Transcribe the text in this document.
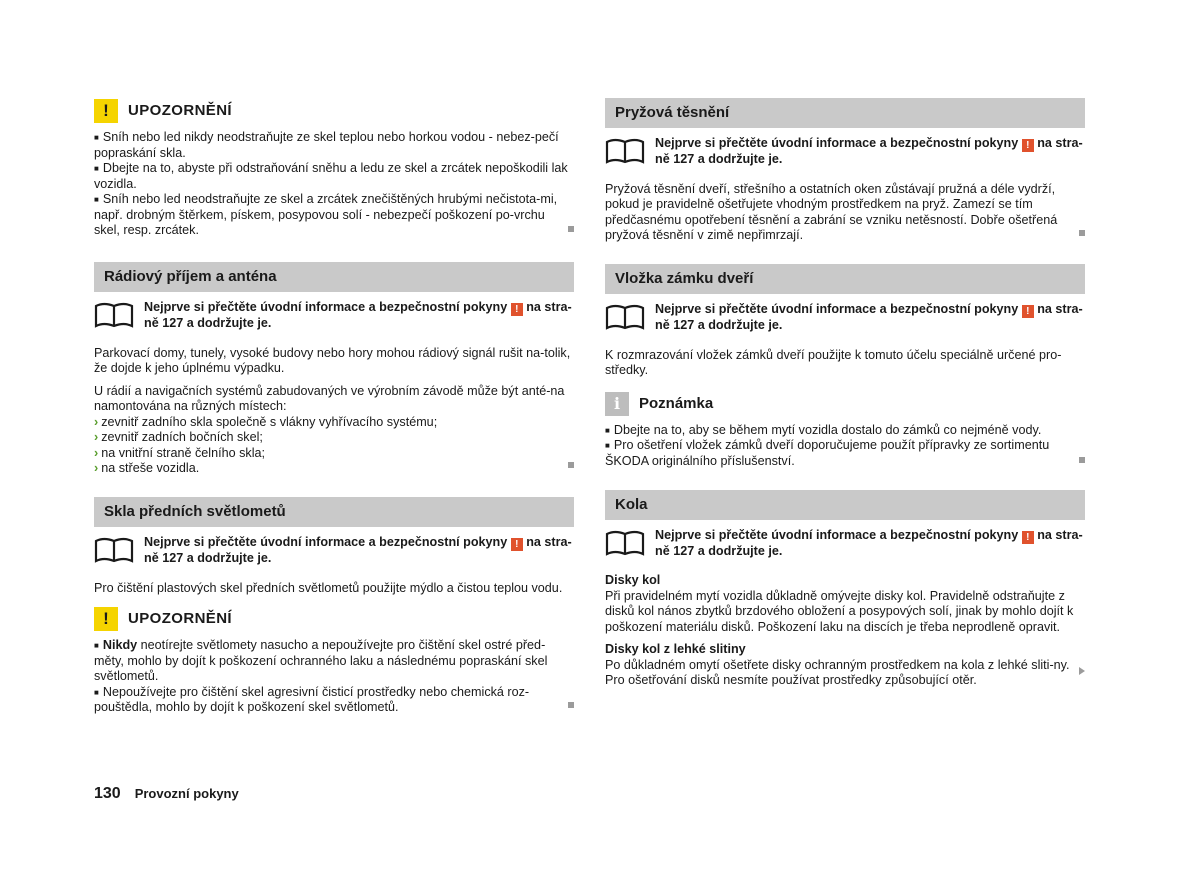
!	UPOZORNĚNÍ

■ Sníh nebo led nikdy neodstraňujte ze skel teplou nebo horkou vodou - nebez-pečí popraskání skla.

■ Dbejte na to, abyste při odstraňování sněhu a ledu ze skel a zrcátek nepoškodili lak vozidla.

■ Sníh nebo led neodstraňujte ze skel a zrcátek znečištěných hrubými nečistota-mi, např. drobným štěrkem, pískem, posypovou solí - nebezpečí poškození po-vrchu skel, resp. zrcátek.

Rádiový příjem a anténa
Nejprve si přečtěte úvodní informace a bezpečnostní pokyny ! na stra-
ně 127 a dodržujte je.

Parkovací domy, tunely, vysoké budovy nebo hory mohou rádiový signál rušit na-tolik, že dojde k jeho úplnému výpadku.

U rádií a navigačních systémů zabudovaných ve výrobním závodě může být anté-na namontována na různých místech:

› zevnitř zadního skla společně s vlákny vyhřívacího systému;
› zevnitř zadních bočních skel;
› na vnitřní straně čelního skla;
› na střeše vozidla.
Skla předních světlometů
Nejprve si přečtěte úvodní informace a bezpečnostní pokyny ! na stra-
ně 127 a dodržujte je.

Pro čištění plastových skel předních světlometů použijte mýdlo a čistou teplou vodu.

!	UPOZORNĚNÍ

■ Nikdy neotírejte světlomety nasucho a nepoužívejte pro čištění skel ostré před-měty, mohlo by dojít k poškození ochranného laku a následnému popraskání skel světlometů.

■ Nepoužívejte pro čištění skel agresivní čisticí prostředky nebo chemická roz-pouštědla, mohlo by dojít k poškození skel světlometů.

Pryžová těsnění
Nejprve si přečtěte úvodní informace a bezpečnostní pokyny ! na stra-
ně 127 a dodržujte je.

Pryžová těsnění dveří, střešního a ostatních oken zůstávají pružná a déle vydrží, pokud je pravidelně ošetřujete vhodným prostředkem na pryž. Zamezí se tím předčasnému opotřebení těsnění a zabrání se vzniku netěsností. Dobře ošetřená pryžová těsnění v zimě nepřimrzají.

Vložka zámku dveří
Nejprve si přečtěte úvodní informace a bezpečnostní pokyny ! na stra-
ně 127 a dodržujte je.

K rozmrazování vložek zámků dveří použijte k tomuto účelu speciálně určené pro-středky.

i	Poznámka

■ Dbejte na to, aby se během mytí vozidla dostalo do zámků co nejméně vody.

■ Pro ošetření vložek zámků dveří doporučujeme použít přípravky ze sortimentu ŠKODA originálního příslušenství.

Kola
Nejprve si přečtěte úvodní informace a bezpečnostní pokyny ! na stra-
ně 127 a dodržujte je.
Disky kol

Při pravidelném mytí vozidla důkladně omývejte disky kol. Pravidelně odstraňujte z disků kol nános zbytků brzdového obložení a posypových solí, jinak by mohlo dojít k poškození materiálu disků. Poškození laku na discích je třeba neprodleně opravit.

Disky kol z lehké slitiny

Po důkladném omytí ošetřete disky ochranným prostředkem na kola z lehké sliti-ny. Pro ošetřování disků nesmíte používat prostředky způsobující otěr.

130 Provozní pokyny
